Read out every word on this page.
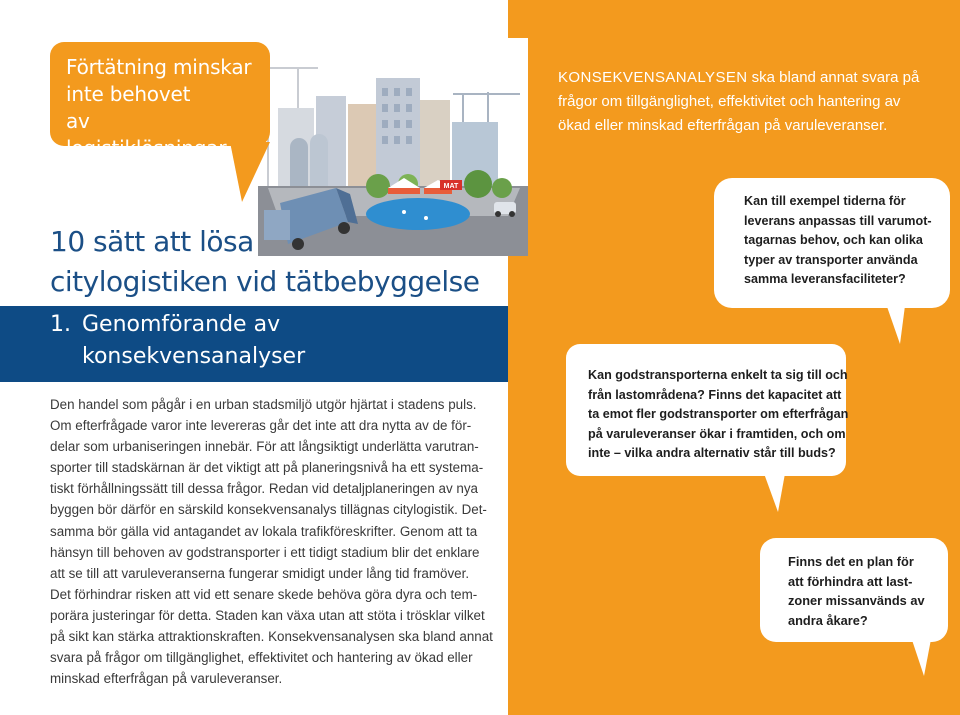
MAT
Förtätning minskar
inte behovet
av logistiklösningar
10 sätt att lösa
citylogistiken vid tätbebyggelse
1. Genomförande av
konsekvensanalyser
Den handel som pågår i en urban stadsmiljö utgör hjärtat i stadens puls.
Om efterfrågade varor inte levereras går det inte att dra nytta av de för-
delar som urbaniseringen innebär. För att långsiktigt underlätta varutran-
sporter till stadskärnan är det viktigt att på planeringsnivå ha ett systema-
tiskt förhållningssätt till dessa frågor. Redan vid detaljplaneringen av nya
byggen bör därför en särskild konsekvensanalys tillägnas citylogistik. Det-
samma bör gälla vid antagandet av lokala trafikföreskrifter. Genom att ta
hänsyn till behoven av godstransporter i ett tidigt stadium blir det enklare
att se till att varuleveranserna fungerar smidigt under lång tid framöver.
Det förhindrar risken att vid ett senare skede behöva göra dyra och tem-
porära justeringar för detta. Staden kan växa utan att stöta i trösklar vilket
på sikt kan stärka attraktionskraften. Konsekvensanalysen ska bland annat
svara på frågor om tillgänglighet, effektivitet och hantering av ökad eller
minskad efterfrågan på varuleveranser.
KONSEKVENSANALYSEN ska bland annat svara på
frågor om tillgänglighet, effektivitet och hantering av
ökad eller minskad efterfrågan på varuleveranser.
Kan till exempel tiderna för
leverans anpassas till varumot-
tagarnas behov, och kan olika
typer av transporter använda
samma leveransfaciliteter?
Kan godstransporterna enkelt ta sig till och
från lastområdena? Finns det kapacitet att
ta emot fler godstransporter om efterfrågan
på varuleveranser ökar i framtiden, och om
inte – vilka andra alternativ står till buds?
Finns det en plan för
att förhindra att last-
zoner missanvänds av
andra åkare?
